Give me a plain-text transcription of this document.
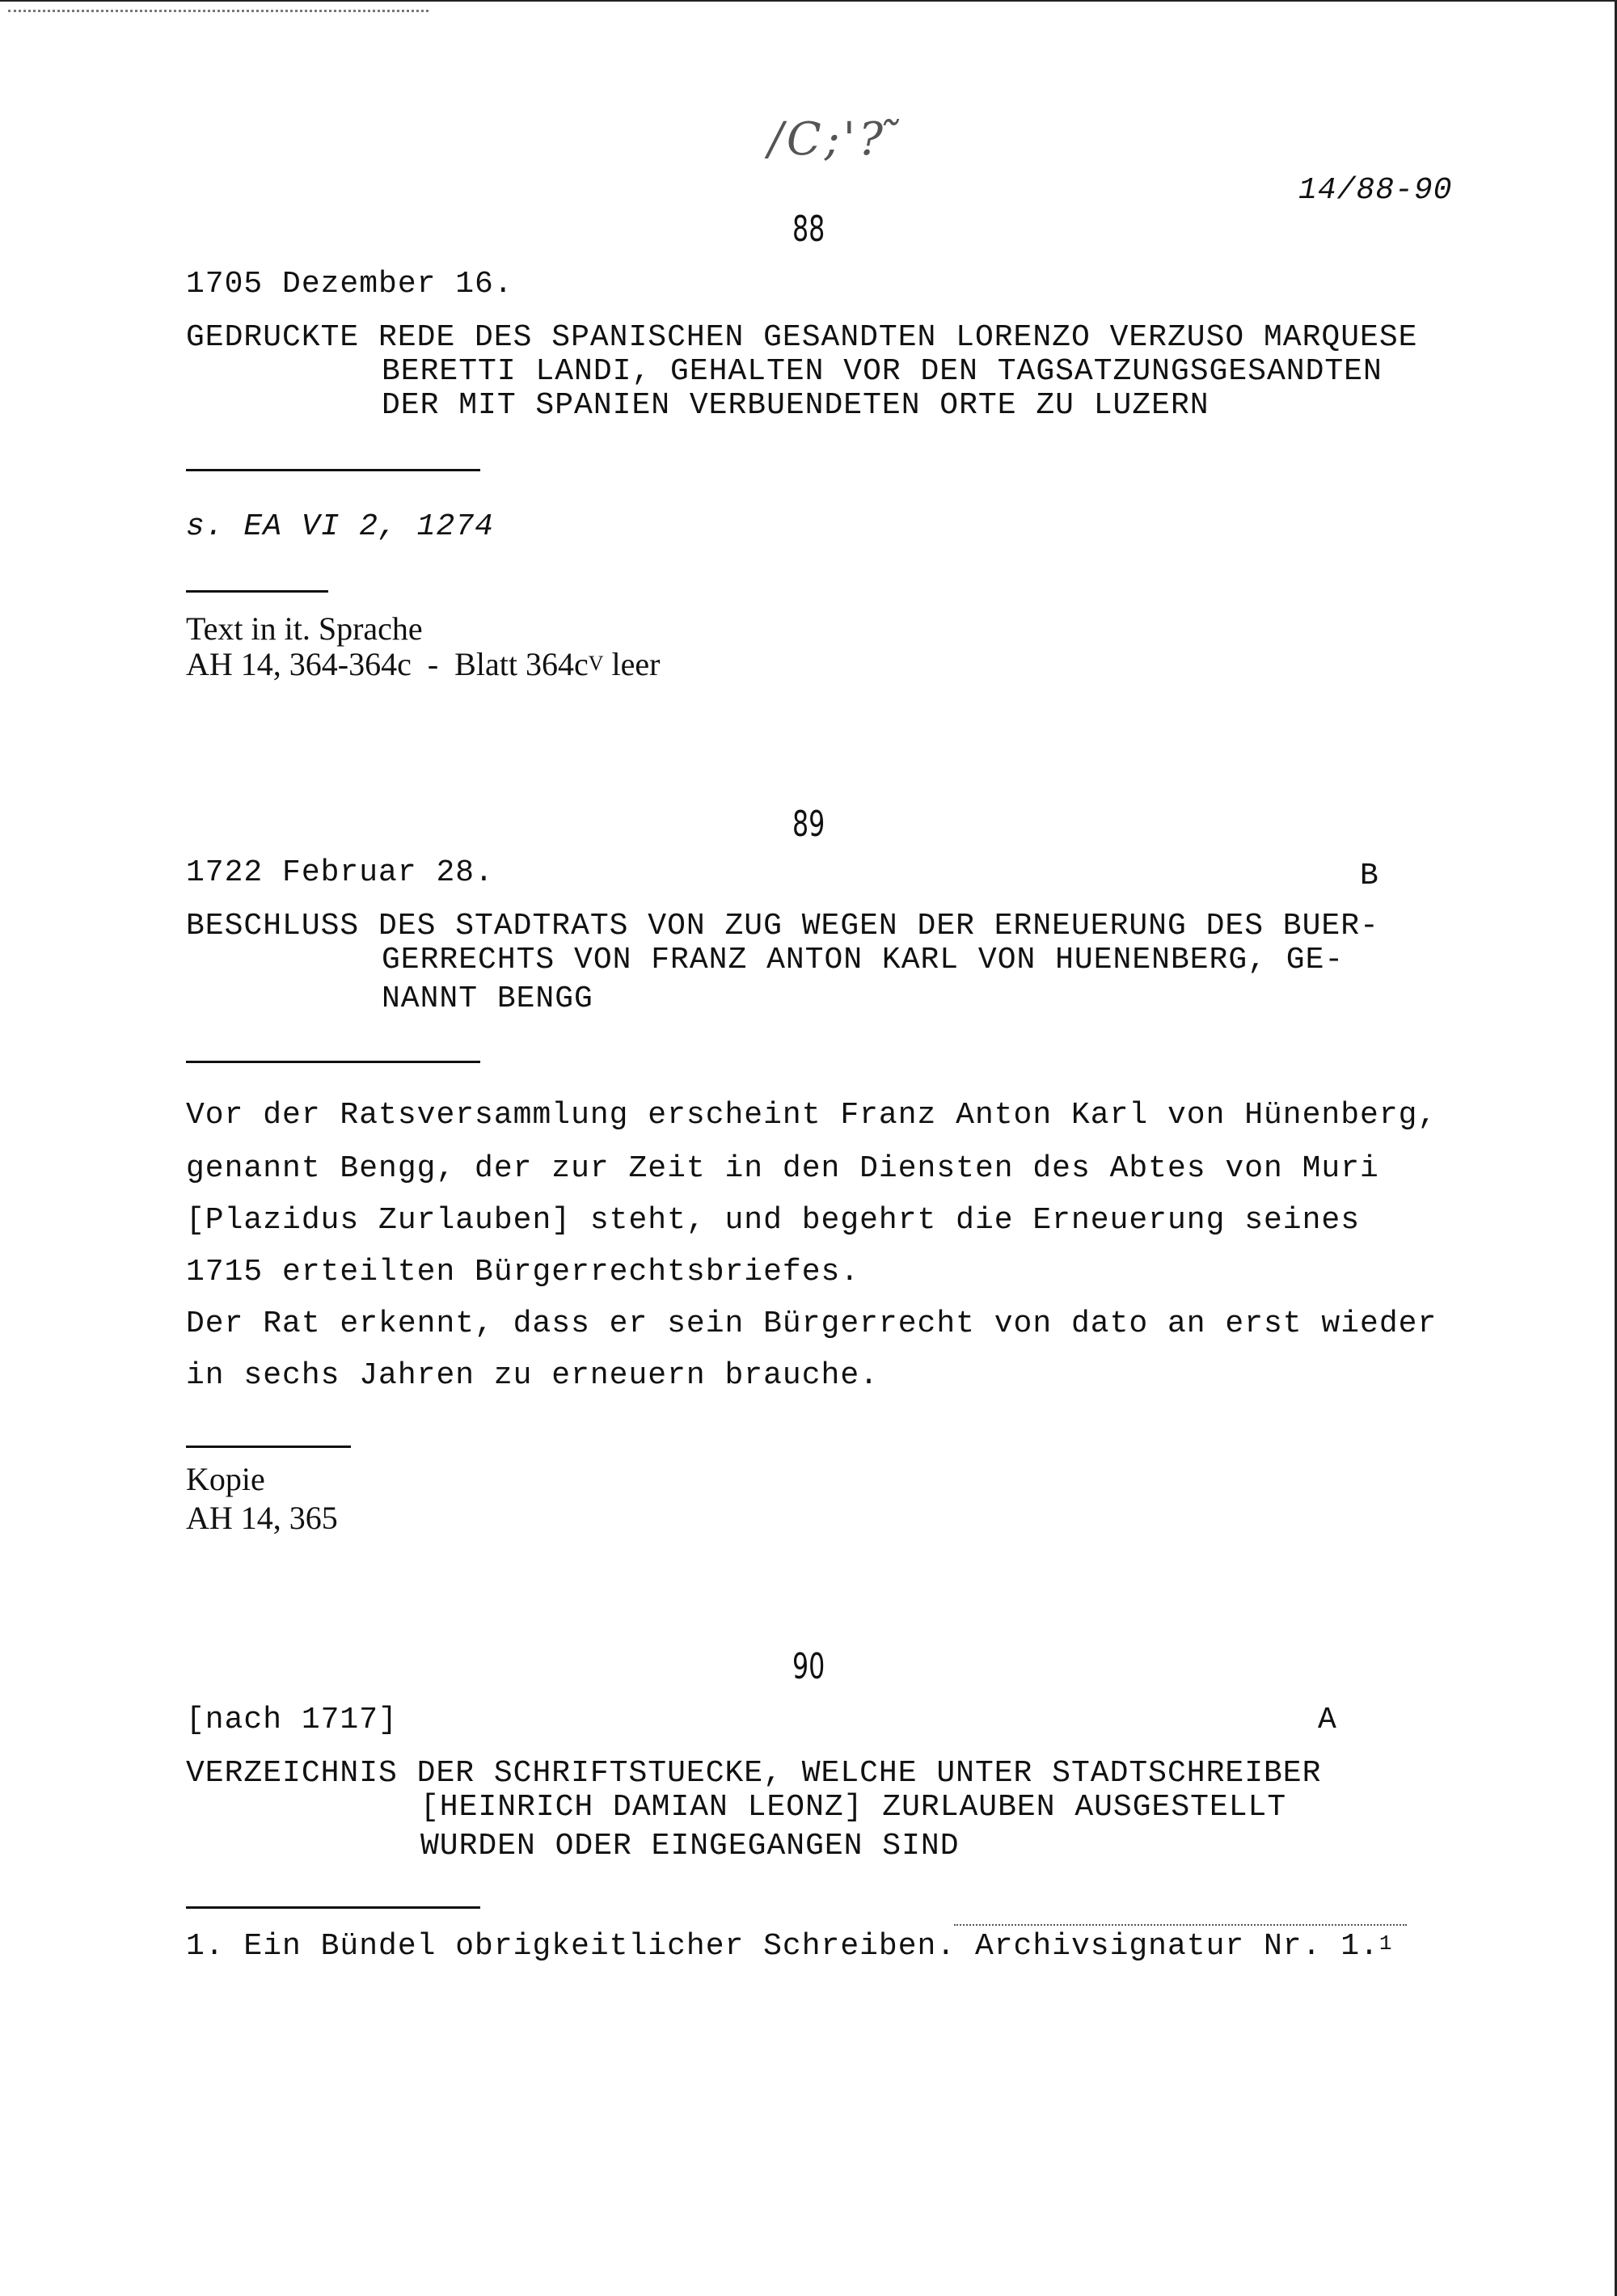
/C;'? ̃
14/88-90
88
1705 Dezember 16.
GEDRUCKTE REDE DES SPANISCHEN GESANDTEN LORENZO VERZUSO MARQUESE
BERETTI LANDI, GEHALTEN VOR DEN TAGSATZUNGSGESANDTEN
DER MIT SPANIEN VERBUENDETEN ORTE ZU LUZERN
s. EA VI 2, 1274
Text in it. Sprache
AH 14, 364-364c  -  Blatt $364c^V$ leer
89
1722 Februar 28.	B
BESCHLUSS DES STADTRATS VON ZUG WEGEN DER ERNEUERUNG DES BUER-
GERRECHTS VON FRANZ ANTON KARL VON HUENENBERG, GE-
NANNT BENGG
Vor der Ratsversammlung erscheint Franz Anton Karl von Hünenberg,
genannt Bengg, der zur Zeit in den Diensten des Abtes von Muri
[Plazidus Zurlauben] steht, und begehrt die Erneuerung seines
1715 erteilten Bürgerrechtsbriefes.
Der Rat erkennt, dass er sein Bürgerrecht von dato an erst wieder
in sechs Jahren zu erneuern brauche.
Kopie
AH 14, 365
90
[nach 1717]	A
VERZEICHNIS DER SCHRIFTSTUECKE, WELCHE UNTER STADTSCHREIBER
[HEINRICH DAMIAN LEONZ] ZURLAUBEN AUSGESTELLT
WURDEN ODER EINGEGANGEN SIND
1. Ein Bündel obrigkeitlicher Schreiben. Archivsignatur Nr. 1.$^1$
